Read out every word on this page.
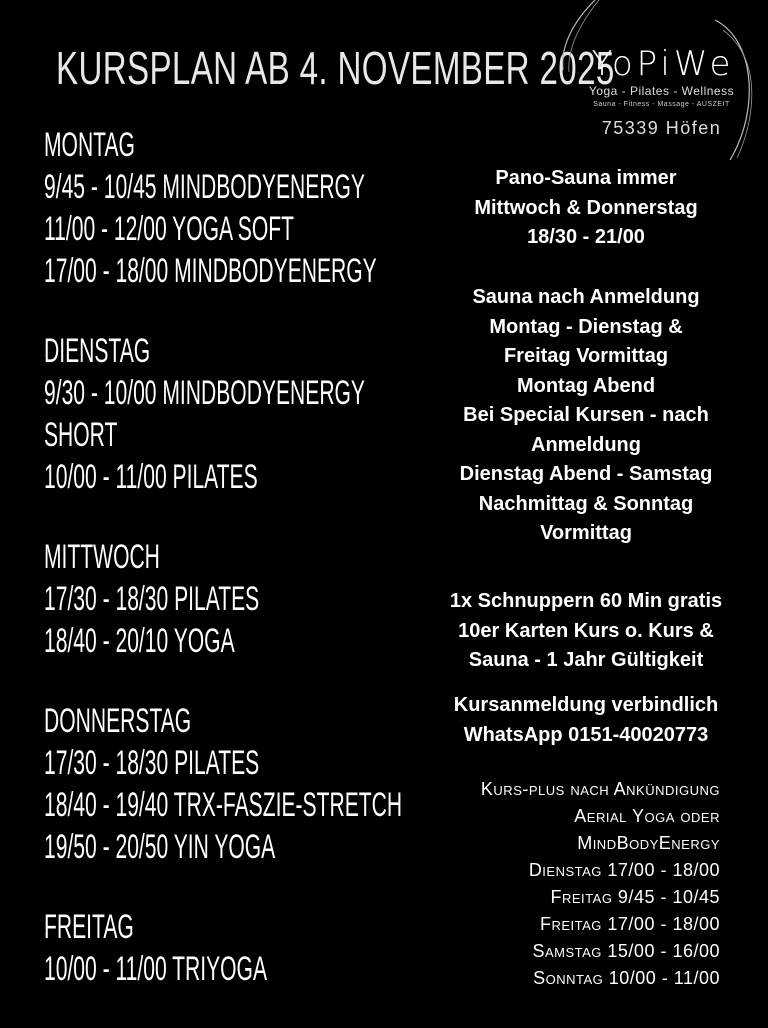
KURSPLAN AB 4. NOVEMBER 2025
YoPiWe
Yoga - Pilates - Wellness
Sauna - Fitness - Massage - AUSZEIT
75339 Höfen
MONTAG
9/45 - 10/45 MINDBODYENERGY
11/00 - 12/00 YOGA SOFT
17/00 - 18/00 MINDBODYENERGY
DIENSTAG
9/30 - 10/00 MINDBODYENERGY
SHORT
10/00 - 11/00 PILATES
MITTWOCH
17/30 - 18/30 PILATES
18/40 - 20/10 YOGA
DONNERSTAG
17/30 - 18/30 PILATES
18/40 - 19/40 TRX-FASZIE-STRETCH
19/50 - 20/50 YIN YOGA
FREITAG
10/00 - 11/00 TRIYOGA
Pano-Sauna immer
Mittwoch & Donnerstag
18/30 - 21/00
Sauna nach Anmeldung
Montag - Dienstag &
Freitag Vormittag
Montag Abend
Bei Special Kursen - nach
Anmeldung
Dienstag Abend - Samstag
Nachmittag & Sonntag
Vormittag
1x Schnuppern 60 Min gratis
10er Karten Kurs o. Kurs &
Sauna - 1 Jahr Gültigkeit
Kursanmeldung verbindlich
WhatsApp 0151-40020773
Kurs-plus nach Ankündigung
Aerial Yoga oder
MindBodyEnergy
Dienstag 17/00 - 18/00
Freitag 9/45 - 10/45
Freitag 17/00 - 18/00
Samstag 15/00 - 16/00
Sonntag 10/00 - 11/00
